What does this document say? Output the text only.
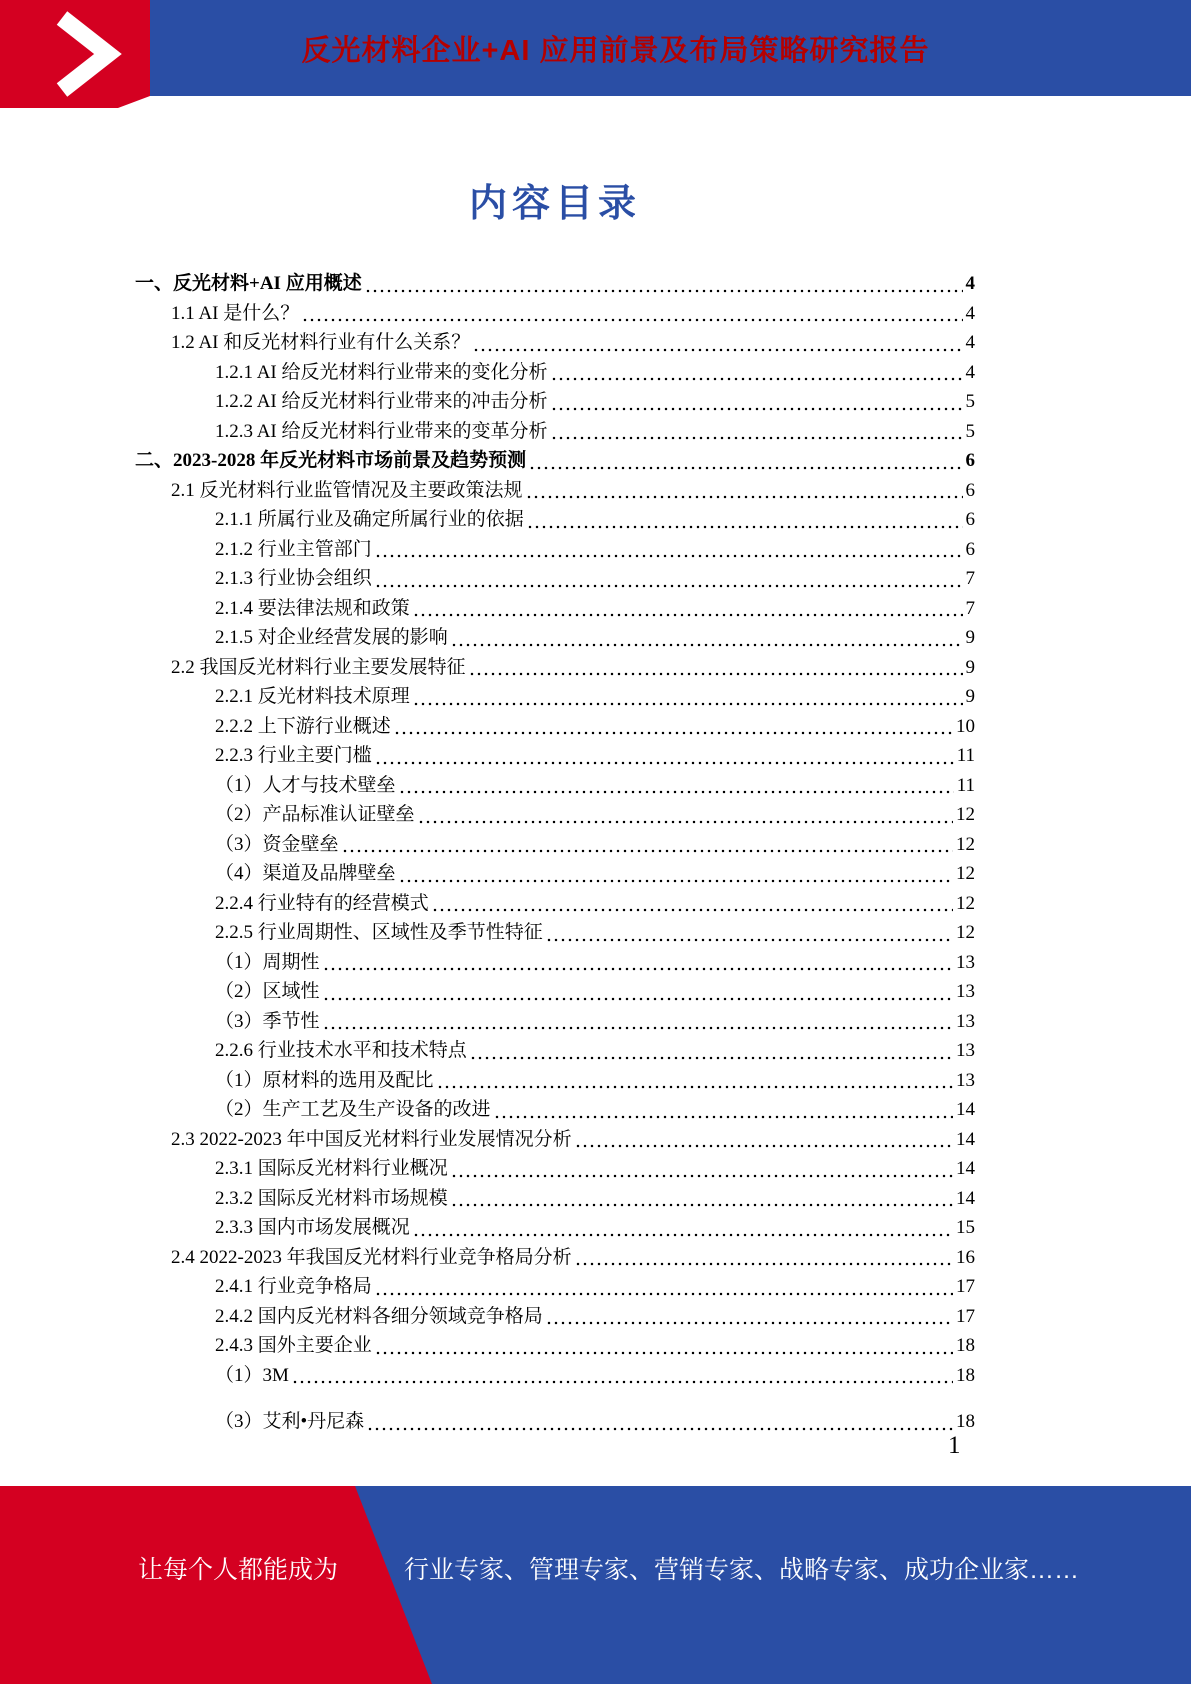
反光材料企业+AI 应用前景及布局策略研究报告
内容目录
一、反光材料+AI 应用概述	4
1.1 AI 是什么？	4
1.2 AI 和反光材料行业有什么关系？	4
1.2.1 AI 给反光材料行业带来的变化分析	4
1.2.2 AI 给反光材料行业带来的冲击分析	5
1.2.3 AI 给反光材料行业带来的变革分析	5
二、2023-2028 年反光材料市场前景及趋势预测	6
2.1 反光材料行业监管情况及主要政策法规	6
2.1.1 所属行业及确定所属行业的依据	6
2.1.2 行业主管部门	6
2.1.3 行业协会组织	7
2.1.4 要法律法规和政策	7
2.1.5 对企业经营发展的影响	9
2.2 我国反光材料行业主要发展特征	9
2.2.1 反光材料技术原理	9
2.2.2 上下游行业概述	10
2.2.3 行业主要门槛	11
（1）人才与技术壁垒	11
（2）产品标准认证壁垒	12
（3）资金壁垒	12
（4）渠道及品牌壁垒	12
2.2.4 行业特有的经营模式	12
2.2.5 行业周期性、区域性及季节性特征	12
（1）周期性	13
（2）区域性	13
（3）季节性	13
2.2.6 行业技术水平和技术特点	13
（1）原材料的选用及配比	13
（2）生产工艺及生产设备的改进	14
2.3 2022-2023 年中国反光材料行业发展情况分析	14
2.3.1 国际反光材料行业概况	14
2.3.2 国际反光材料市场规模	14
2.3.3 国内市场发展概况	15
2.4 2022-2023 年我国反光材料行业竞争格局分析	16
2.4.1 行业竞争格局	17
2.4.2 国内反光材料各细分领域竞争格局	17
2.4.3 国外主要企业	18
（1）3M	18
（3）艾利•丹尼森	18
1
让每个人都能成为	行业专家、管理专家、营销专家、战略专家、成功企业家……
